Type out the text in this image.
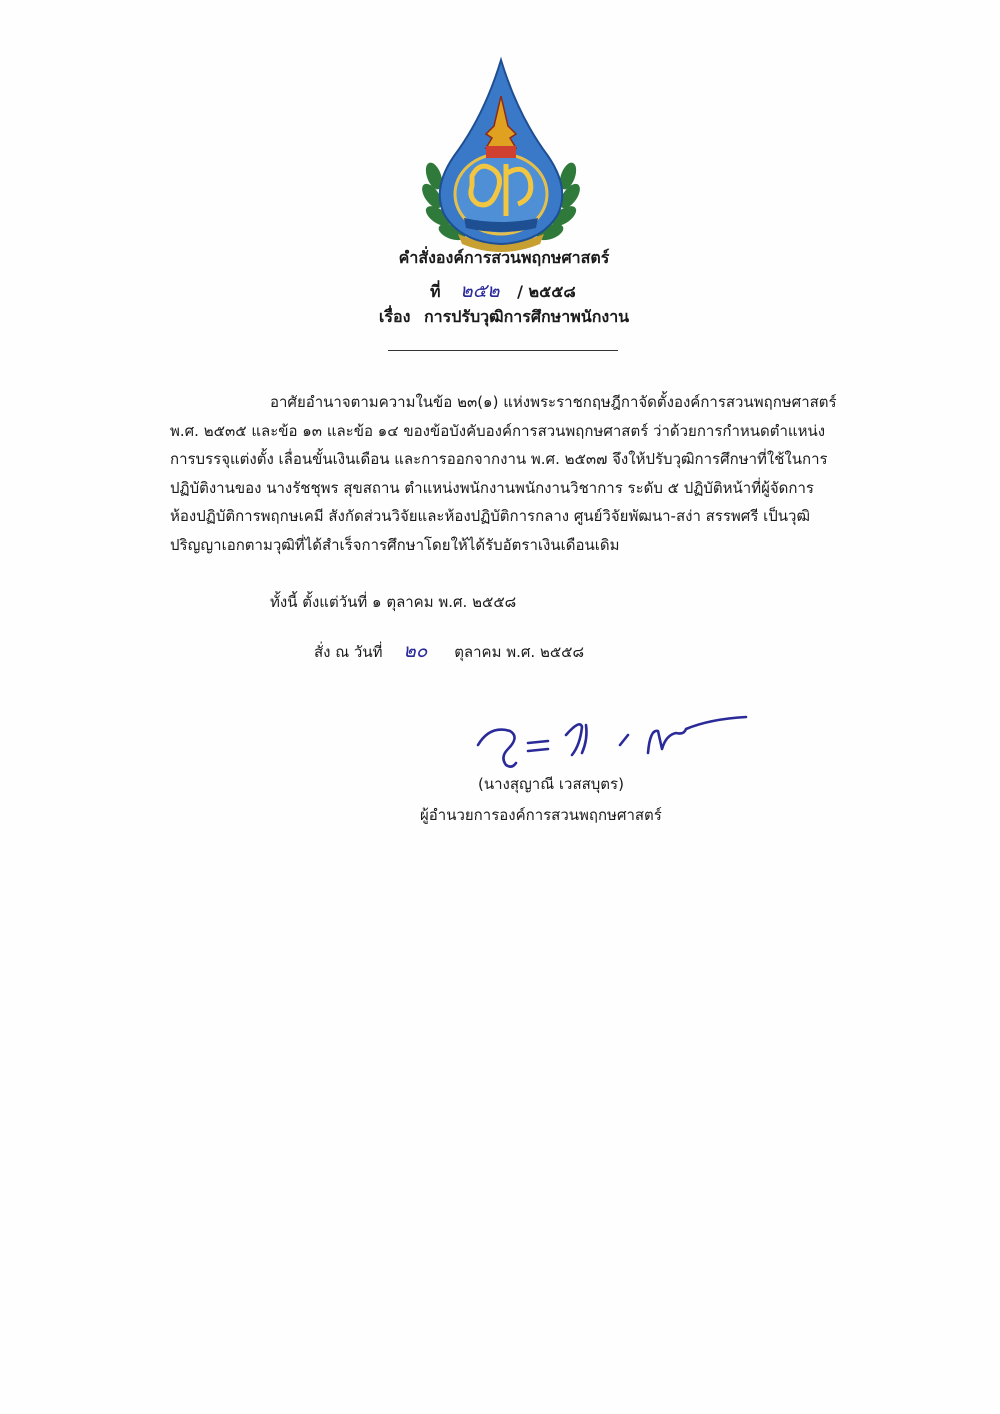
คำสั่งองค์การสวนพฤกษศาสตร์
ที่ ๒๕๒ / ๒๕๕๘
เรื่อง การปรับวุฒิการศึกษาพนักงาน

อาศัยอำนาจตามความในข้อ ๒๓(๑) แห่งพระราชกฤษฎีกาจัดตั้งองค์การสวนพฤกษศาสตร์

พ.ศ. ๒๕๓๕ และข้อ ๑๓ และข้อ ๑๔ ของข้อบังคับองค์การสวนพฤกษศาสตร์ ว่าด้วยการกำหนดตำแหน่ง

การบรรจุแต่งตั้ง เลื่อนขั้นเงินเดือน และการออกจากงาน พ.ศ. ๒๕๓๗ จึงให้ปรับวุฒิการศึกษาที่ใช้ในการ

ปฏิบัติงานของ นางรัชชุพร สุขสถาน ตำแหน่งพนักงานพนักงานวิชาการ ระดับ ๕ ปฏิบัติหน้าที่ผู้จัดการ

ห้องปฏิบัติการพฤกษเคมี สังกัดส่วนวิจัยและห้องปฏิบัติการกลาง ศูนย์วิจัยพัฒนา-สง่า สรรพศรี เป็นวุฒิ

ปริญญาเอกตามวุฒิที่ได้สำเร็จการศึกษาโดยให้ได้รับอัตราเงินเดือนเดิม

ทั้งนี้ ตั้งแต่วันที่ ๑ ตุลาคม พ.ศ. ๒๕๕๘
สั่ง ณ วันที่ ๒๐ ตุลาคม พ.ศ. ๒๕๕๘
(นางสุญาณี เวสสบุตร)
ผู้อำนวยการองค์การสวนพฤกษศาสตร์
